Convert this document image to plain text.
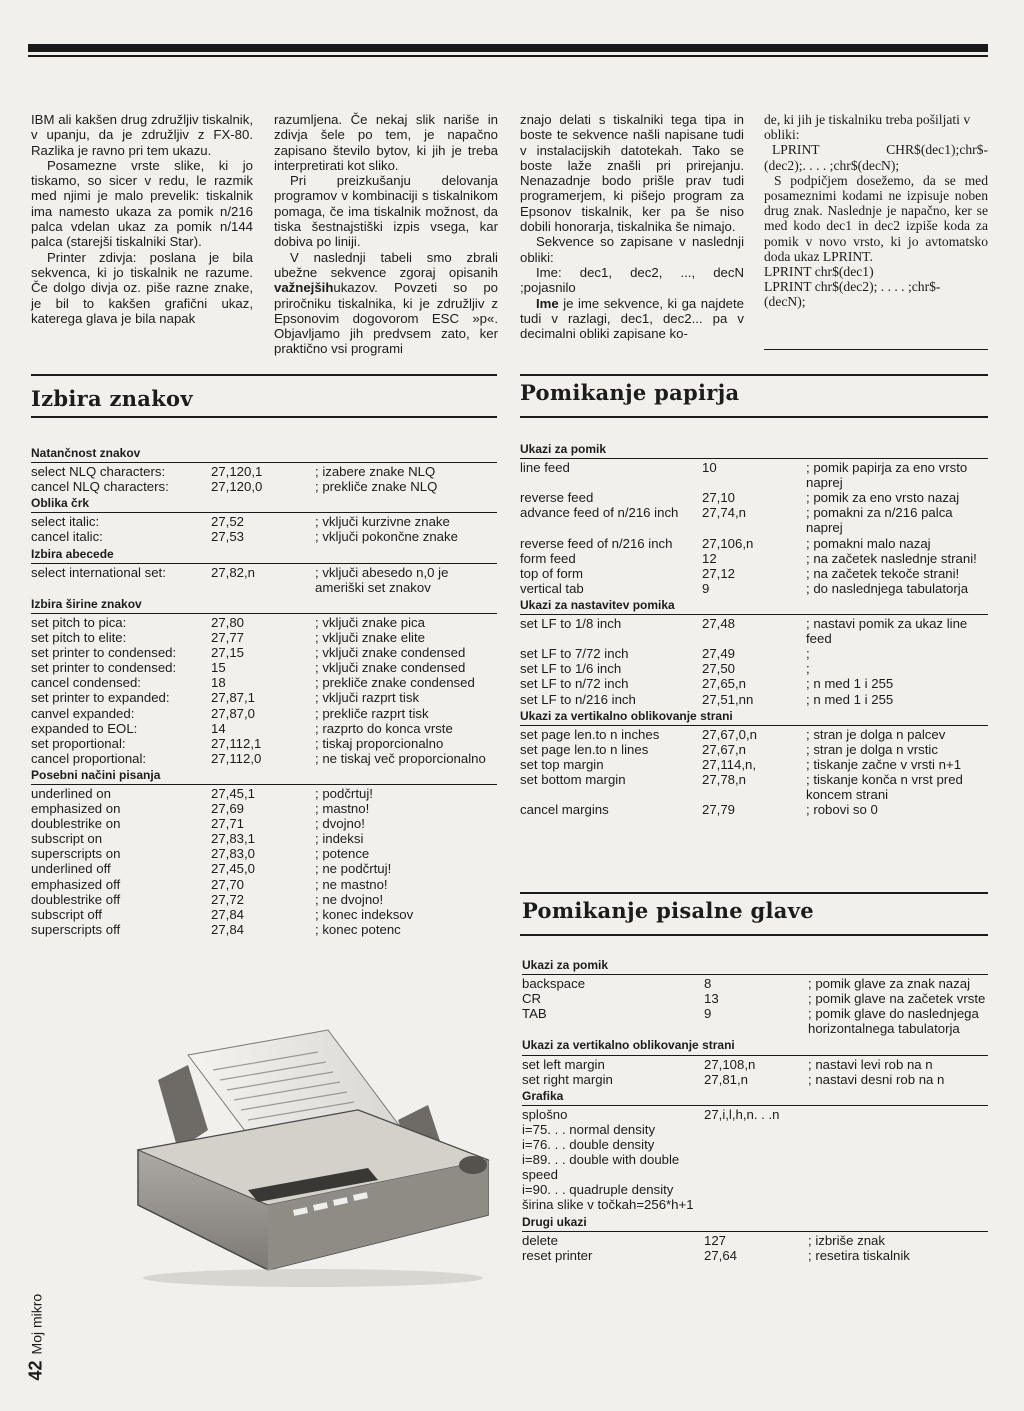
IBM ali kakšen drug združljiv tiskalnik, v upanju, da je združljiv z FX-80. Razlika je ravno pri tem ukazu.

Posamezne vrste slike, ki jo tiskamo, so sicer v redu, le razmik med njimi je malo prevelik: tiskalnik ima namesto ukaza za pomik n/216 palca vdelan ukaz za pomik n/144 palca (starejši tiskalniki Star).

Printer zdivja: poslana je bila sekvenca, ki jo tiskalnik ne razume. Če dolgo divja oz. piše razne znake, je bil to kakšen grafični ukaz, katerega glava je bila napak

razumljena. Če nekaj slik nariše in zdivja šele po tem, je napačno zapisano število bytov, ki jih je treba interpretirati kot sliko.

Pri preizkušanju delovanja programov v kombinaciji s tiskalnikom pomaga, če ima tiskalnik možnost, da tiska šestnajstiški izpis vsega, kar dobiva po liniji.

V naslednji tabeli smo zbrali ubežne sekvence zgoraj opisanih važnejšihukazov. Povzeti so po priročniku tiskalnika, ki je združljiv z Epsonovim dogovorom ESC »p«. Objavljamo jih predvsem zato, ker praktično vsi programi

znajo delati s tiskalniki tega tipa in boste te sekvence našli napisane tudi v instalacijskih datotekah. Tako se boste laže znašli pri prirejanju. Nenazadnje bodo prišle prav tudi programerjem, ki pišejo program za Epsonov tiskalnik, ker pa še niso dobili honorarja, tiskalnika še nimajo.

Sekvence so zapisane v naslednji obliki:

Ime: dec1, dec2, ..., decN ;pojasnilo

Ime je ime sekvence, ki ga najdete tudi v razlagi, dec1, dec2... pa v decimalni obliki zapisane ko-

de, ki jih je tiskalniku treba pošiljati v obliki:
LPRINT	CHR$(dec1);chr$-
(dec2);. . . . ;chr$(decN);
S podpičjem dosežemo, da se med posameznimi kodami ne izpisuje noben drug znak. Naslednje je napačno, ker se med kodo dec1 in dec2 izpiše koda za pomik v novo vrsto, ki jo avtomatsko doda ukaz LPRINT.
LPRINT chr$(dec1)
LPRINT chr$(dec2); . . . . ;chr$-
(decN);
Izbira znakov	Pomikanje papirja
Natančnost znakov
select NLQ characters:	27,120,1	; izabere znake NLQ
cancel NLQ characters:	27,120,0	; prekliče znake NLQ
Oblika črk
select italic:	27,52	; vključi kurzivne znake
cancel italic:	27,53	; vključi pokončne znake
Izbira abecede
select international set:	27,82,n	; vključi abesedo n,0 je ameriški set znakov
Izbira širine znakov
set pitch to pica:	27,80	; vključi znake pica
set pitch to elite:	27,77	; vključi znake elite
set printer to condensed:	27,15	; vključi znake condensed
set printer to condensed:	15	; vključi znake condensed
cancel condensed:	18	; prekliče znake condensed
set printer to expanded:	27,87,1	; vključi razprt tisk
canvel expanded:	27,87,0	; prekliče razprt tisk
expanded to EOL:	14	; razprto do konca vrste
set proportional:	27,112,1	; tiskaj proporcionalno
cancel proportional:	27,112,0	; ne tiskaj več proporcionalno
Posebni načini pisanja
underlined on	27,45,1	; podčrtuj!
emphasized on	27,69	; mastno!
doublestrike on	27,71	; dvojno!
subscript on	27,83,1	; indeksi
superscripts on	27,83,0	; potence
underlined off	27,45,0	; ne podčrtuj!
emphasized off	27,70	; ne mastno!
doublestrike off	27,72	; ne dvojno!
subscript off	27,84	; konec indeksov
superscripts off	27,84	; konec potenc
Ukazi za pomik
line feed	10	; pomik papirja za eno vrsto naprej
reverse feed	27,10	; pomik za eno vrsto nazaj
advance feed of n/216 inch	27,74,n	; pomakni za n/216 palca naprej
reverse feed of n/216 inch	27,106,n	; pomakni malo nazaj
form feed	12	; na začetek naslednje strani!
top of form	27,12	; na začetek tekoče strani!
vertical tab	9	; do naslednjega tabulatorja
Ukazi za nastavitev pomika
set LF to 1/8 inch	27,48	; nastavi pomik za ukaz line feed
set LF to 7/72 inch	27,49	;
set LF to 1/6 inch	27,50	;
set LF to n/72 inch	27,65,n	; n med 1 i 255
set LF to n/216 inch	27,51,nn	; n med 1 i 255
Ukazi za vertikalno oblikovanje strani
set page len.to n inches	27,67,0,n	; stran je dolga n palcev
set page len.to n lines	27,67,n	; stran je dolga n vrstic
set top margin	27,114,n,	; tiskanje začne v vrsti n+1
set bottom margin	27,78,n	; tiskanje konča n vrst pred koncem strani
cancel margins	27,79	; robovi so 0
Pomikanje pisalne glave
Ukazi za pomik
backspace	8	; pomik glave za znak nazaj
CR	13	; pomik glave na začetek vrste
TAB	9	; pomik glave do naslednjega horizontalnega tabulatorja
Ukazi za vertikalno oblikovanje strani
set left margin	27,108,n	; nastavi levi rob na n
set right margin	27,81,n	; nastavi desni rob na n
Grafika
splošno	27,i,l,h,n. . .n
i=75. . . normal density
i=76. . . double density
i=89. . . double with double speed
i=90. . . quadruple density
širina slike v točkah=256*h+1
Drugi ukazi
delete	127	; izbriše znak
reset printer	27,64	; resetira tiskalnik
42Moj mikro
